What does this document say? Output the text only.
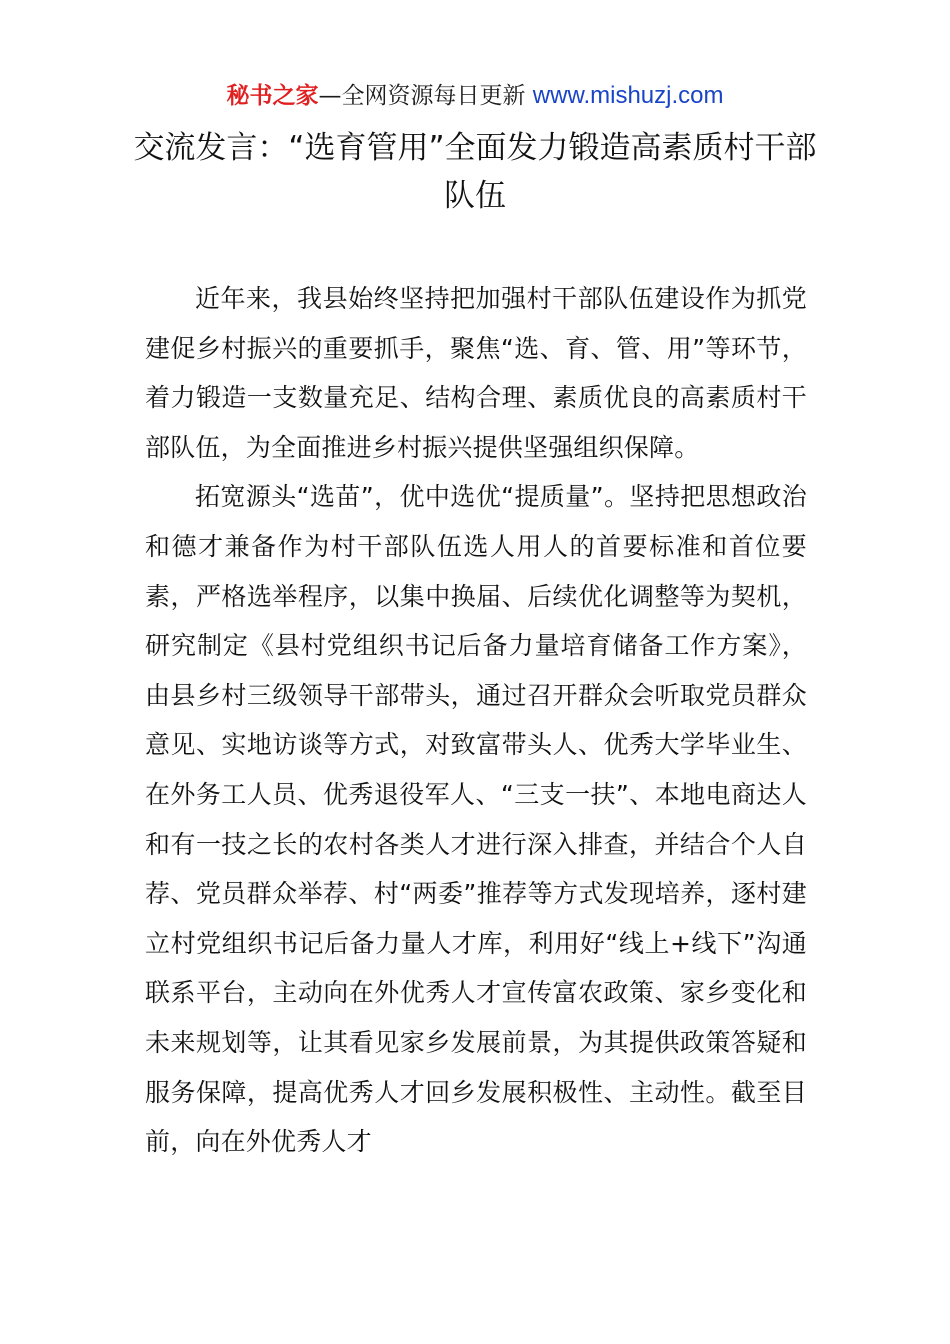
秘书之家—全网资源每日更新 www.mishuzj.com
交流发言：“选育管用”全面发力锻造高素质村干部队伍

近年来，我县始终坚持把加强村干部队伍建设作为抓党建促乡村振兴的重要抓手，聚焦“选、育、管、用”等环节，着力锻造一支数量充足、结构合理、素质优良的高素质村干部队伍，为全面推进乡村振兴提供坚强组织保障。

拓宽源头“选苗”，优中选优“提质量”。坚持把思想政治和德才兼备作为村干部队伍选人用人的首要标准和首位要素，严格选举程序，以集中换届、后续优化调整等为契机，研究制定《县村党组织书记后备力量培育储备工作方案》，由县乡村三级领导干部带头，通过召开群众会听取党员群众意见、实地访谈等方式，对致富带头人、优秀大学毕业生、在外务工人员、优秀退役军人、“三支一扶”、本地电商达人和有一技之长的农村各类人才进行深入排查，并结合个人自荐、党员群众举荐、村“两委”推荐等方式发现培养，逐村建立村党组织书记后备力量人才库，利用好“线上+线下”沟通联系平台，主动向在外优秀人才宣传富农政策、家乡变化和未来规划等，让其看见家乡发展前景，为其提供政策答疑和服务保障，提高优秀人才回乡发展积极性、主动性。截至目前，向在外优秀人才
